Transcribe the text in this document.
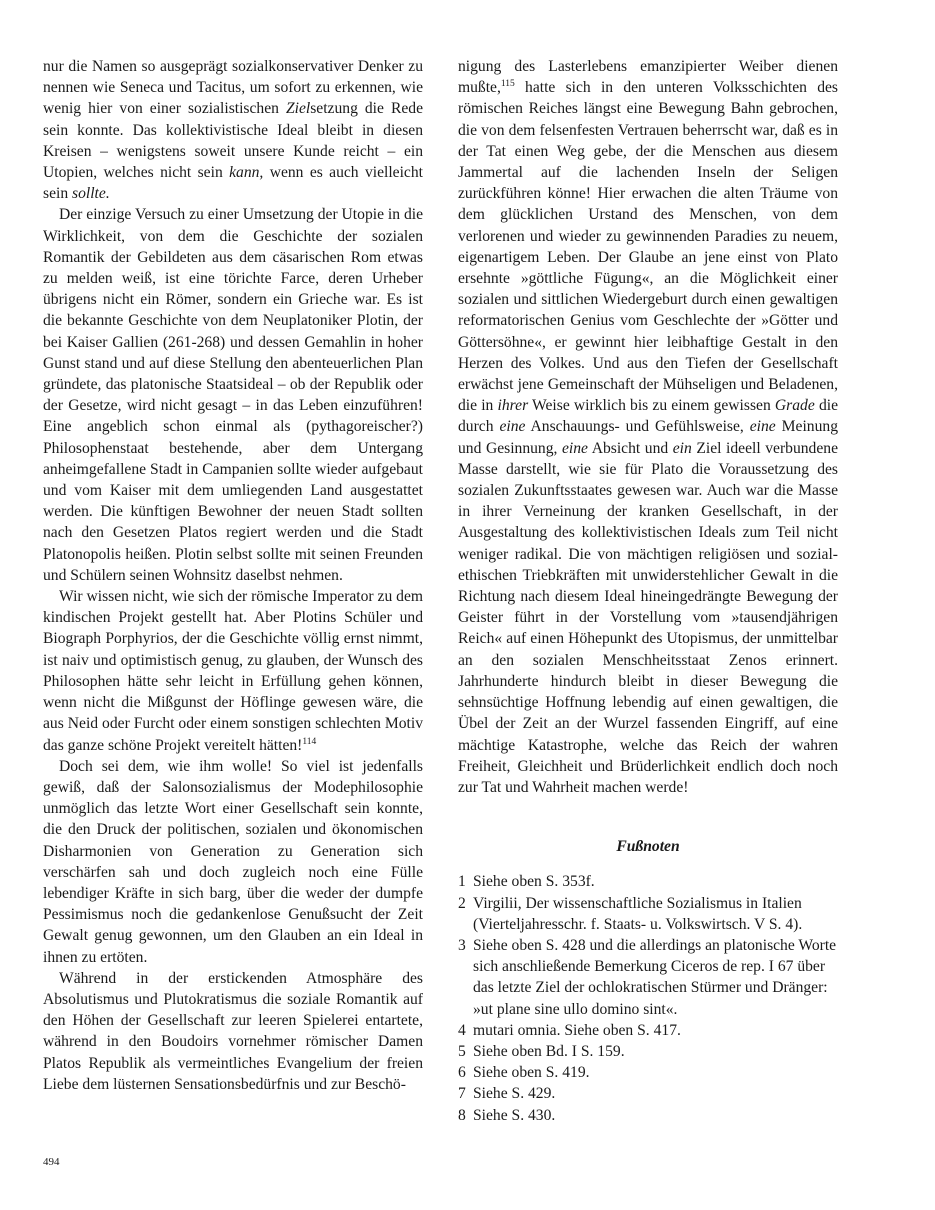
nur die Namen so ausgeprägt sozialkonservativer Denker zu nennen wie Seneca und Tacitus, um sofort zu erkennen, wie wenig hier von einer sozialistischen Zielsetzung die Rede sein konnte. Das kollektivistische Ideal bleibt in diesen Kreisen – wenigstens soweit unsere Kunde reicht – ein Utopien, welches nicht sein kann, wenn es auch vielleicht sein sollte.

Der einzige Versuch zu einer Umsetzung der Utopie in die Wirklichkeit, von dem die Geschichte der sozialen Romantik der Gebildeten aus dem cäsarischen Rom etwas zu melden weiß, ist eine törichte Farce, deren Urheber übrigens nicht ein Römer, sondern ein Grieche war. Es ist die bekannte Geschichte von dem Neuplatoniker Plotin, der bei Kaiser Gallien (261-268) und dessen Gemahlin in hoher Gunst stand und auf diese Stellung den abenteuerlichen Plan gründete, das platonische Staatsideal – ob der Republik oder der Gesetze, wird nicht gesagt – in das Leben einzuführen! Eine angeblich schon einmal als (pythagoreischer?) Philosophenstaat bestehende, aber dem Untergang anheimgefallene Stadt in Campanien sollte wieder aufgebaut und vom Kaiser mit dem umliegenden Land ausgestattet werden. Die künftigen Bewohner der neuen Stadt sollten nach den Gesetzen Platos regiert werden und die Stadt Platonopolis heißen. Plotin selbst sollte mit seinen Freunden und Schülern seinen Wohnsitz daselbst nehmen.

Wir wissen nicht, wie sich der römische Imperator zu dem kindischen Projekt gestellt hat. Aber Plotins Schüler und Biograph Porphyrios, der die Geschichte völlig ernst nimmt, ist naiv und optimistisch genug, zu glauben, der Wunsch des Philosophen hätte sehr leicht in Erfüllung gehen können, wenn nicht die Mißgunst der Höflinge gewesen wäre, die aus Neid oder Furcht oder einem sonstigen schlechten Motiv das ganze schöne Projekt vereitelt hätten!$^{114}$

Doch sei dem, wie ihm wolle! So viel ist jedenfalls gewiß, daß der Salonsozialismus der Modephilosophie unmöglich das letzte Wort einer Gesellschaft sein konnte, die den Druck der politischen, sozialen und ökonomischen Disharmonien von Generation zu Generation sich verschärfen sah und doch zugleich noch eine Fülle lebendiger Kräfte in sich barg, über die weder der dumpfe Pessimismus noch die gedankenlose Genußsucht der Zeit Gewalt genug gewonnen, um den Glauben an ein Ideal in ihnen zu ertöten.

Während in der erstickenden Atmosphäre des Absolutismus und Plutokratismus die soziale Romantik auf den Höhen der Gesellschaft zur leeren Spielerei entartete, während in den Boudoirs vornehmer römischer Damen Platos Republik als vermeintliches Evangelium der freien Liebe dem lüsternen Sensationsbedürfnis und zur Beschö-

nigung des Lasterlebens emanzipierter Weiber dienen mußte,$^{115}$ hatte sich in den unteren Volksschichten des römischen Reiches längst eine Bewegung Bahn gebrochen, die von dem felsenfesten Vertrauen beherrscht war, daß es in der Tat einen Weg gebe, der die Menschen aus diesem Jammertal auf die lachenden Inseln der Seligen zurückführen könne! Hier erwachen die alten Träume von dem glücklichen Urstand des Menschen, von dem verlorenen und wieder zu gewinnenden Paradies zu neuem, eigenartigem Leben. Der Glaube an jene einst von Plato ersehnte »göttliche Fügung«, an die Möglichkeit einer sozialen und sittlichen Wiedergeburt durch einen gewaltigen reformatorischen Genius vom Geschlechte der »Götter und Göttersöhne«, er gewinnt hier leibhaftige Gestalt in den Herzen des Volkes. Und aus den Tiefen der Gesellschaft erwächst jene Gemeinschaft der Mühseligen und Beladenen, die in ihrer Weise wirklich bis zu einem gewissen Grade die durch eine Anschauungs- und Gefühlsweise, eine Meinung und Gesinnung, eine Absicht und ein Ziel ideell verbundene Masse darstellt, wie sie für Plato die Voraussetzung des sozialen Zukunftsstaates gewesen war. Auch war die Masse in ihrer Verneinung der kranken Gesellschaft, in der Ausgestaltung des kollektivistischen Ideals zum Teil nicht weniger radikal. Die von mächtigen religiösen und sozial-ethischen Triebkräften mit unwiderstehlicher Gewalt in die Richtung nach diesem Ideal hineingedrängte Bewegung der Geister führt in der Vorstellung vom »tausendjährigen Reich« auf einen Höhepunkt des Utopismus, der unmittelbar an den sozialen Menschheitsstaat Zenos erinnert. Jahrhunderte hindurch bleibt in dieser Bewegung die sehnsüchtige Hoffnung lebendig auf einen gewaltigen, die Übel der Zeit an der Wurzel fassenden Eingriff, auf eine mächtige Katastrophe, welche das Reich der wahren Freiheit, Gleichheit und Brüderlichkeit endlich doch noch zur Tat und Wahrheit machen werde!

Fußnoten
1 Siehe oben S. 353f.
2 Virgilii, Der wissenschaftliche Sozialismus in Italien (Vierteljahresschr. f. Staats- u. Volkswirtsch. V S. 4).
3 Siehe oben S. 428 und die allerdings an platonische Worte sich anschließende Bemerkung Ciceros de rep. I 67 über das letzte Ziel der ochlokratischen Stürmer und Dränger: »ut plane sine ullo domino sint«.
4 mutari omnia. Siehe oben S. 417.
5 Siehe oben Bd. I S. 159.
6 Siehe oben S. 419.
7 Siehe S. 429.
8 Siehe S. 430.
494
